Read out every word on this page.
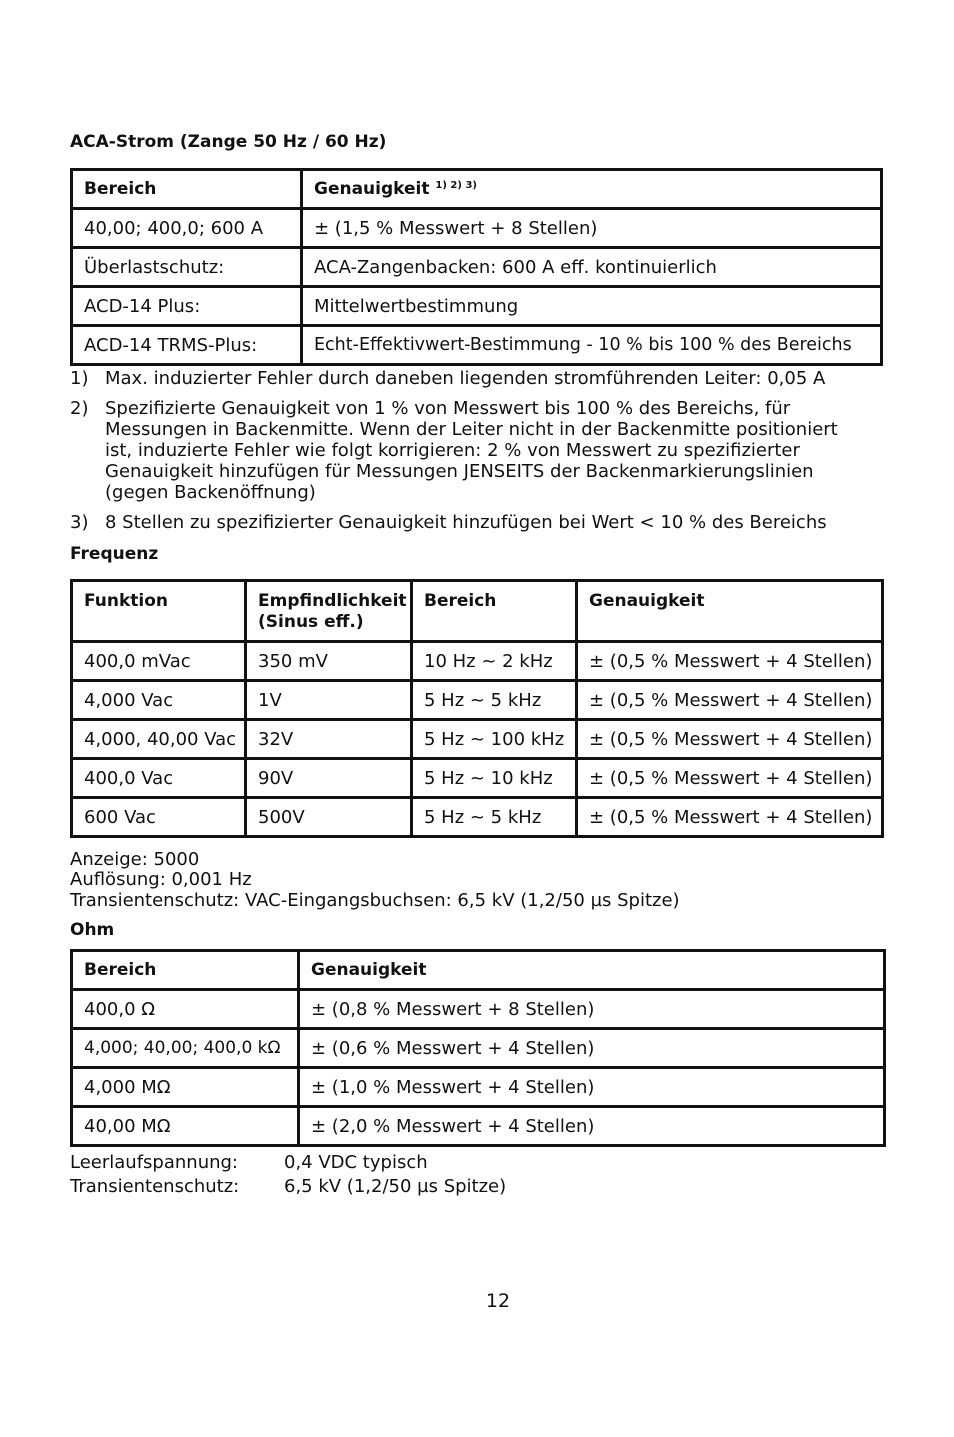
ACA-Strom (Zange 50 Hz / 60 Hz)
Bereich	Genauigkeit $^{1) 2) 3)}$
40,00; 400,0; 600 A	± (1,5 % Messwert + 8 Stellen)
Überlastschutz:	ACA-Zangenbacken: 600 A eff. kontinuierlich
ACD-14 Plus:	Mittelwertbestimmung
ACD-14 TRMS-Plus:	Echt-Effektivwert-Bestimmung - 10 % bis 100 % des Bereichs
1) Max. induzierter Fehler durch daneben liegenden stromführenden Leiter: 0,05 A
2) Spezifizierte Genauigkeit von 1 % von Messwert bis 100 % des Bereichs, für Messungen in Backenmitte. Wenn der Leiter nicht in der Backenmitte positioniert ist, induzierte Fehler wie folgt korrigieren: 2 % von Messwert zu spezifizierter Genauigkeit hinzufügen für Messungen JENSEITS der Backenmarkierungslinien (gegen Backenöffnung)
3) 8 Stellen zu spezifizierter Genauigkeit hinzufügen bei Wert < 10 % des Bereichs
Frequenz
Funktion	Empfindlichkeit (Sinus eff.)	Bereich	Genauigkeit
400,0 mVac	350 mV	10 Hz ~ 2 kHz	± (0,5 % Messwert + 4 Stellen)
4,000 Vac	1V	5 Hz ~ 5 kHz	± (0,5 % Messwert + 4 Stellen)
4,000, 40,00 Vac	32V	5 Hz ~ 100 kHz	± (0,5 % Messwert + 4 Stellen)
400,0 Vac	90V	5 Hz ~ 10 kHz	± (0,5 % Messwert + 4 Stellen)
600 Vac	500V	5 Hz ~ 5 kHz	± (0,5 % Messwert + 4 Stellen)
Anzeige: 5000
Auflösung: 0,001 Hz
Transientenschutz: VAC-Eingangsbuchsen: 6,5 kV (1,2/50 µs Spitze)
Ohm
Bereich	Genauigkeit
400,0 Ω	± (0,8 % Messwert + 8 Stellen)
4,000; 40,00; 400,0 kΩ	± (0,6 % Messwert + 4 Stellen)
4,000 MΩ	± (1,0 % Messwert + 4 Stellen)
40,00 MΩ	± (2,0 % Messwert + 4 Stellen)
Leerlaufspannung:	0,4 VDC typisch
Transientenschutz:	6,5 kV (1,2/50 µs Spitze)
12
